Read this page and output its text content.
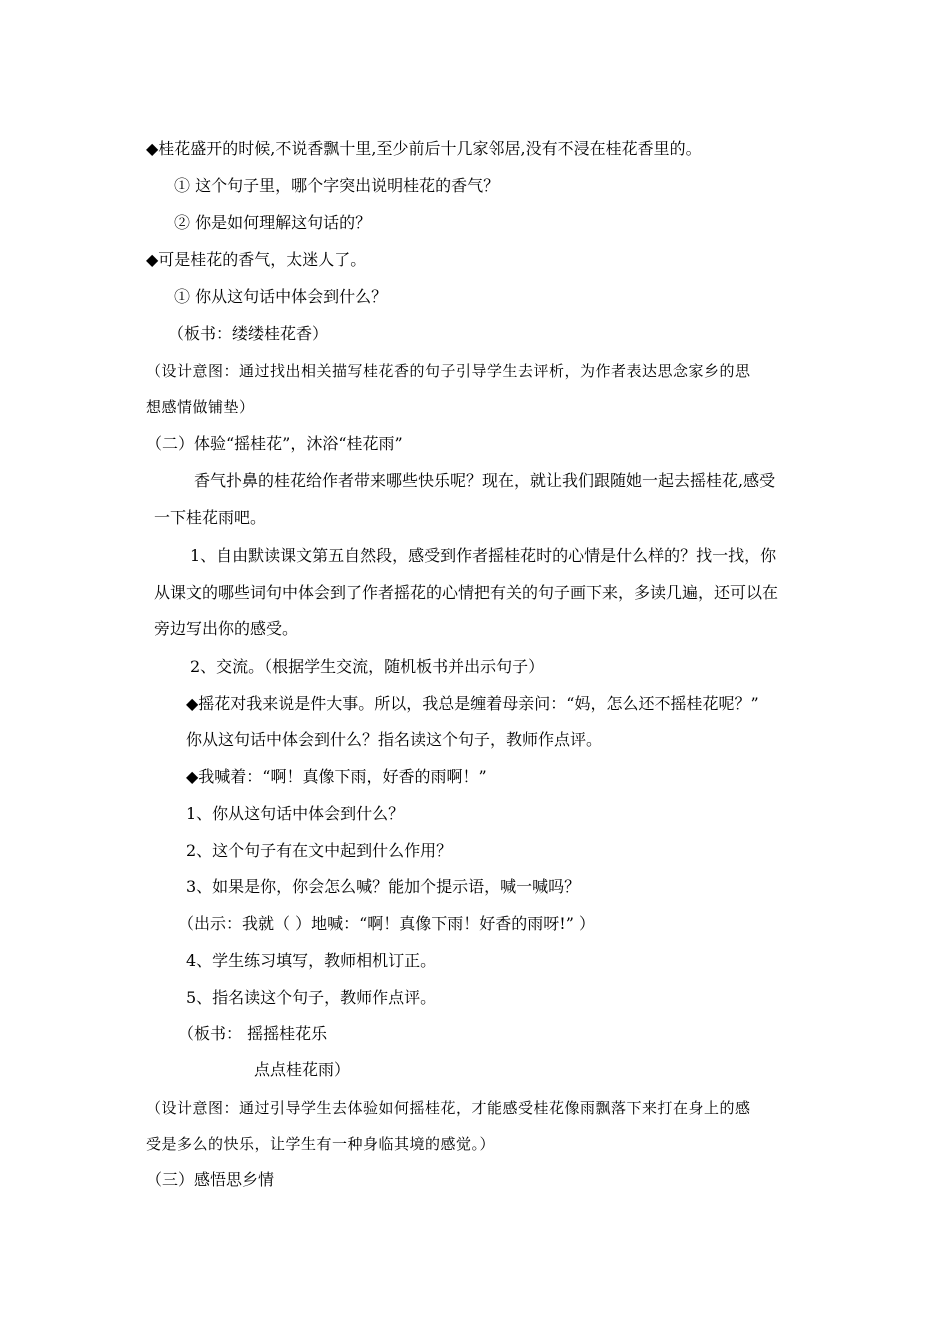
◆桂花盛开的时候,不说香飘十里,至少前后十几家邻居,没有不浸在桂花香里的。
① 这个句子里，哪个字突出说明桂花的香气？
② 你是如何理解这句话的？
◆可是桂花的香气，太迷人了。
① 你从这句话中体会到什么？
（板书：缕缕桂花香）
（设计意图：通过找出相关描写桂花香的句子引导学生去评析，为作者表达思念家乡的思
想感情做铺垫）
（二）体验“摇桂花”，沐浴“桂花雨”
香气扑鼻的桂花给作者带来哪些快乐呢？现在，就让我们跟随她一起去摇桂花,感受
一下桂花雨吧。
1、自由默读课文第五自然段，感受到作者摇桂花时的心情是什么样的？找一找，你
从课文的哪些词句中体会到了作者摇花的心情把有关的句子画下来，多读几遍，还可以在
旁边写出你的感受。
2、交流。（根据学生交流，随机板书并出示句子）
◆摇花对我来说是件大事。所以，我总是缠着母亲问：“妈，怎么还不摇桂花呢？”
你从这句话中体会到什么？指名读这个句子，教师作点评。
◆我喊着：“啊！真像下雨，好香的雨啊！”
1、你从这句话中体会到什么？
2、这个句子有在文中起到什么作用？
3、如果是你，你会怎么喊？能加个提示语，喊一喊吗？
（出示：我就（ ）地喊：“啊！真像下雨！好香的雨呀!” ）
4、学生练习填写，教师相机订正。
5、指名读这个句子，教师作点评。
（板书： 摇摇桂花乐
点点桂花雨）
（设计意图：通过引导学生去体验如何摇桂花，才能感受桂花像雨飘落下来打在身上的感
受是多么的快乐，让学生有一种身临其境的感觉。）
（三）感悟思乡情
